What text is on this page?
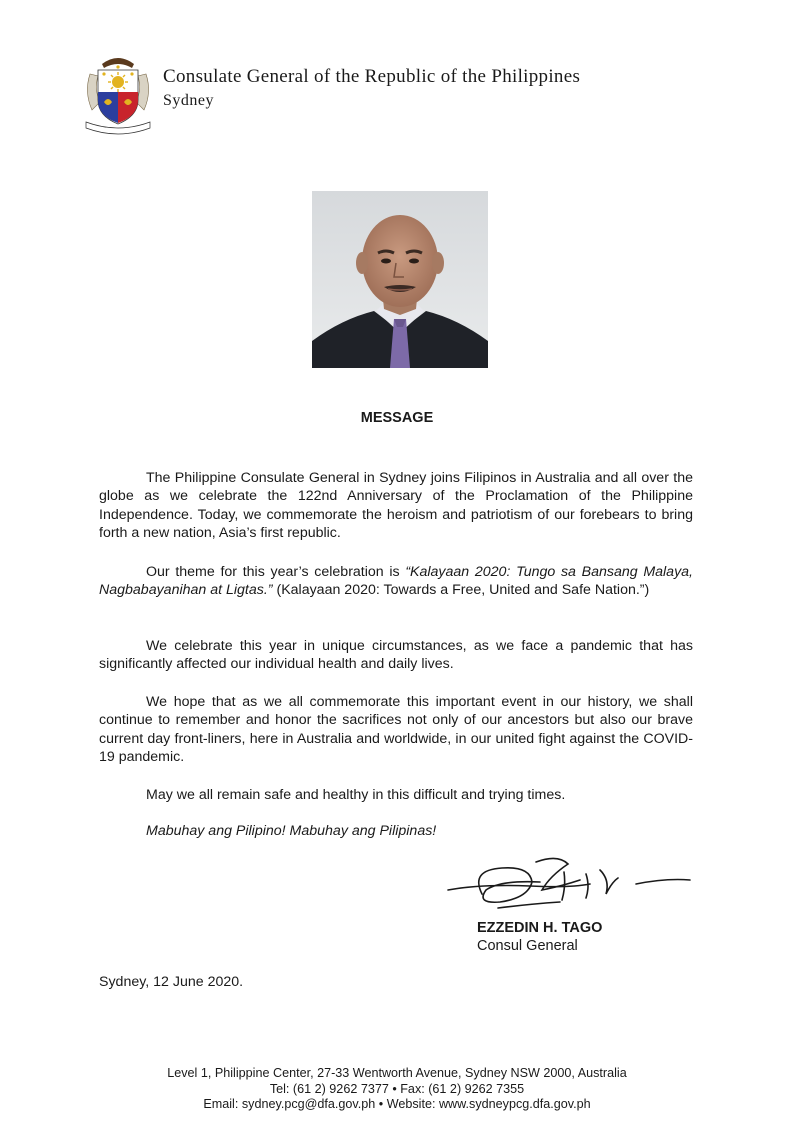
Consulate General of the Republic of the Philippines
Sydney
MESSAGE

The Philippine Consulate General in Sydney joins Filipinos in Australia and all over the globe as we celebrate the 122nd Anniversary of the Proclamation of the Philippine Independence. Today, we commemorate the heroism and patriotism of our forebears to bring forth a new nation, Asia’s first republic.

Our theme for this year’s celebration is “Kalayaan 2020: Tungo sa Bansang Malaya, Nagbabayanihan at Ligtas.” (Kalayaan 2020: Towards a Free, United and Safe Nation.”)

We celebrate this year in unique circumstances, as we face a pandemic that has significantly affected our individual health and daily lives.

We hope that as we all commemorate this important event in our history, we shall continue to remember and honor the sacrifices not only of our ancestors but also our brave current day front-liners, here in Australia and worldwide, in our united fight against the COVID-19 pandemic.

May we all remain safe and healthy in this difficult and trying times.

Mabuhay ang Pilipino! Mabuhay ang Pilipinas!

EZZEDIN H. TAGO
Consul General
Sydney, 12 June 2020.
Level 1, Philippine Center, 27-33 Wentworth Avenue, Sydney NSW 2000, Australia
Tel: (61 2) 9262 7377 • Fax: (61 2) 9262 7355
Email: sydney.pcg@dfa.gov.ph • Website: www.sydneypcg.dfa.gov.ph
